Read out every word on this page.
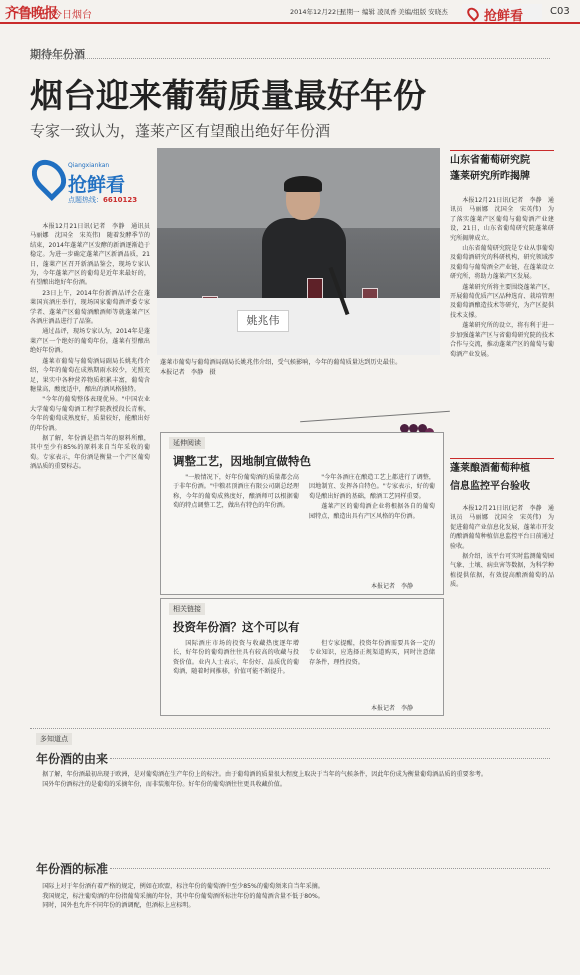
齐鲁晚报
今日烟台	2014年12月22日
星期一 编辑 凌凤香 美编/组版 安晓杰	抢鲜看	C03
期待年份酒
烟台迎来葡萄质量最好年份
专家一致认为，蓬莱产区有望酿出绝好年份酒
Qiangxiankan
抢鲜看
点题热线：6610123
姚兆伟
蓬莱市葡萄与葡萄酒局副局长姚兆伟介绍，受气候影响，今年的葡萄质量达到历史最佳。
本报记者　李静　摄

本报12月21日讯(记者　李静　通讯员　马丽娜　沈国全　宋英伟)　随着发酵季节的结束，2014年蓬莱产区发酵的新酒逐渐趋于稳定。为进一步确定蓬莱产区新酒品质，21日，蓬莱产区召开新酒品鉴会，现场专家认为，今年蓬莱产区的葡萄是近年来最好的，有望酿出绝好年份酒。

23日上午，2014年份新酒品评会在蓬莱国宾酒庄举行，现场国家葡萄酒评委专家学者、蓬莱产区葡萄酒酿酒师等就蓬莱产区各酒庄酒品进行了品鉴。

通过品评，现场专家认为，2014年是蓬莱产区一个绝好的葡萄年份，蓬莱有望酿出绝好年份酒。

蓬莱市葡萄与葡萄酒局副局长姚兆伟介绍，今年的葡萄在成熟期雨水较少，光照充足，果实中各种营养物质积累丰富，葡萄含糖量高，酸度适中，酿出的酒风格独特。

"今年的葡萄整体表现优异。"中国农业大学葡萄与葡萄酒工程学院教授段长青称，今年的葡萄成熟度好，质量较好，能酿出好的年份酒。

据了解，年份酒是指当年的原料所酿，其中至少有85%的原料来自当年采收的葡萄。专家表示，年份酒是衡量一个产区葡萄酒品质的重要标志。

山东省葡萄研究院
蓬莱研究所昨揭牌

本报12月21日讯(记者　李静　通讯员　马丽娜　沈国全　宋英伟)　为了落实蓬莱产区葡萄与葡萄酒产业建设，21日，山东省葡萄研究院蓬莱研究所揭牌成立。

山东省葡萄研究院是专业从事葡萄及葡萄酒研究的科研机构，研究领域涉及葡萄与葡萄酒全产业链，在蓬莱设立研究所，将助力蓬莱产区发展。

蓬莱研究所将主要围绕蓬莱产区，开展葡萄优质产区品种选育、栽培管理及葡萄酒酿造技术等研究，为产区提供技术支撑。

蓬莱研究所的设立，将有利于进一步加强蓬莱产区与省葡萄研究院的技术合作与交流，推动蓬莱产区的葡萄与葡萄酒产业发展。

蓬莱酿酒葡萄种植
信息监控平台验收

本报12月21日讯(记者　李静　通讯员　马丽娜　沈国全　宋英伟)　为促进葡萄产业信息化发展，蓬莱市开发的酿酒葡萄种植信息监控平台日前通过验收。

据介绍，该平台可实时监测葡萄园气象、土壤、病虫害等数据，为科学种植提供依据，有效提高酿酒葡萄的品质。

延伸阅读
调整工艺，因地制宜做特色

"一般情况下，好年份葡萄酒的质量都会高于非年份酒。"中粮君顶酒庄有限公司副总经理称，今年的葡萄成熟度好，酿酒师可以根据葡萄的特点调整工艺，做出有特色的年份酒。

"今年各酒庄在酿造工艺上都进行了调整，因地制宜、发挥各自特色。"专家表示，好的葡萄是酿出好酒的基础，酿酒工艺同样重要。

蓬莱产区的葡萄酒企业将根据各自的葡萄园特点，酿造出具有产区风格的年份酒。

本报记者　李静
相关链接
投资年份酒？这个可以有

国际酒庄市场的投资与收藏热度逐年增长，好年份的葡萄酒往往具有较高的收藏与投资价值。业内人士表示，年份好、品质优的葡萄酒，随着时间推移，价值可能不断提升。

但专家提醒，投资年份酒需要具备一定的专业知识，应选择正规渠道购买，同时注意储存条件，理性投资。

本报记者　李静
多知道点
年份酒的由来

据了解，年份酒最初出现于欧洲，是对葡萄酒在生产年份上的标注。由于葡萄酒的质量很大程度上取决于当年的气候条件，因此年份成为衡量葡萄酒品质的重要参考。

国外年份酒标注的是葡萄的采摘年份，而非装瓶年份。好年份的葡萄酒往往更具收藏价值。

年份酒的标准

国际上对于年份酒有着严格的规定，例如在欧盟，标注年份的葡萄酒中至少85%的葡萄须来自当年采摘。

我国规定，标注葡萄酒的年份指葡萄采摘的年份，其中年份葡萄酒所标注年份的葡萄酒含量不低于80%。

同时，国外也允许不同年份的酒调配，但酒标上应标明。
